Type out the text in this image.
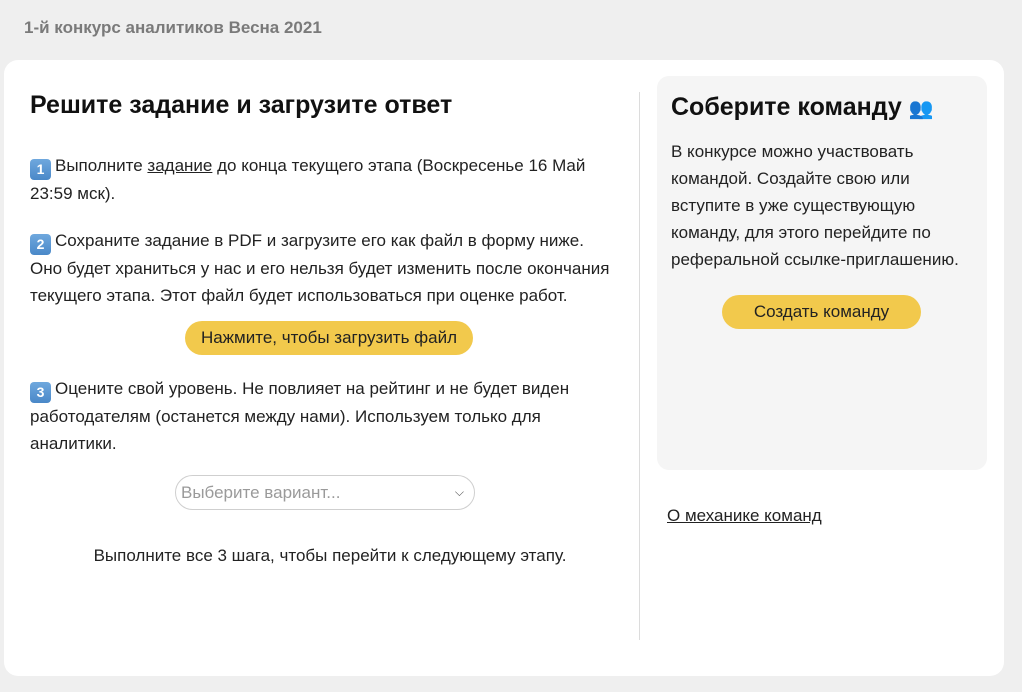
1-й конкурс аналитиков Весна 2021
Решите задание и загрузите ответ

1 Выполните задание до конца текущего этапа (Воскресенье 16 Май 23:59 мск).

2 Сохраните задание в PDF и загрузите его как файл в форму ниже. Оно будет храниться у нас и его нельзя будет изменить после окончания текущего этапа. Этот файл будет использоваться при оценке работ.

Нажмите, чтобы загрузить файл

3 Оцените свой уровень. Не повлияет на рейтинг и не будет виден работодателям (останется между нами). Используем только для аналитики.

Выберите вариант...	⌵

Выполните все 3 шага, чтобы перейти к следующему этапу.

Соберите команду 👥

В конкурсе можно участвовать командой. Создайте свою или вступите в уже существующую команду, для этого перейдите по реферальной ссылке-приглашению.

Создать команду
О механике команд
